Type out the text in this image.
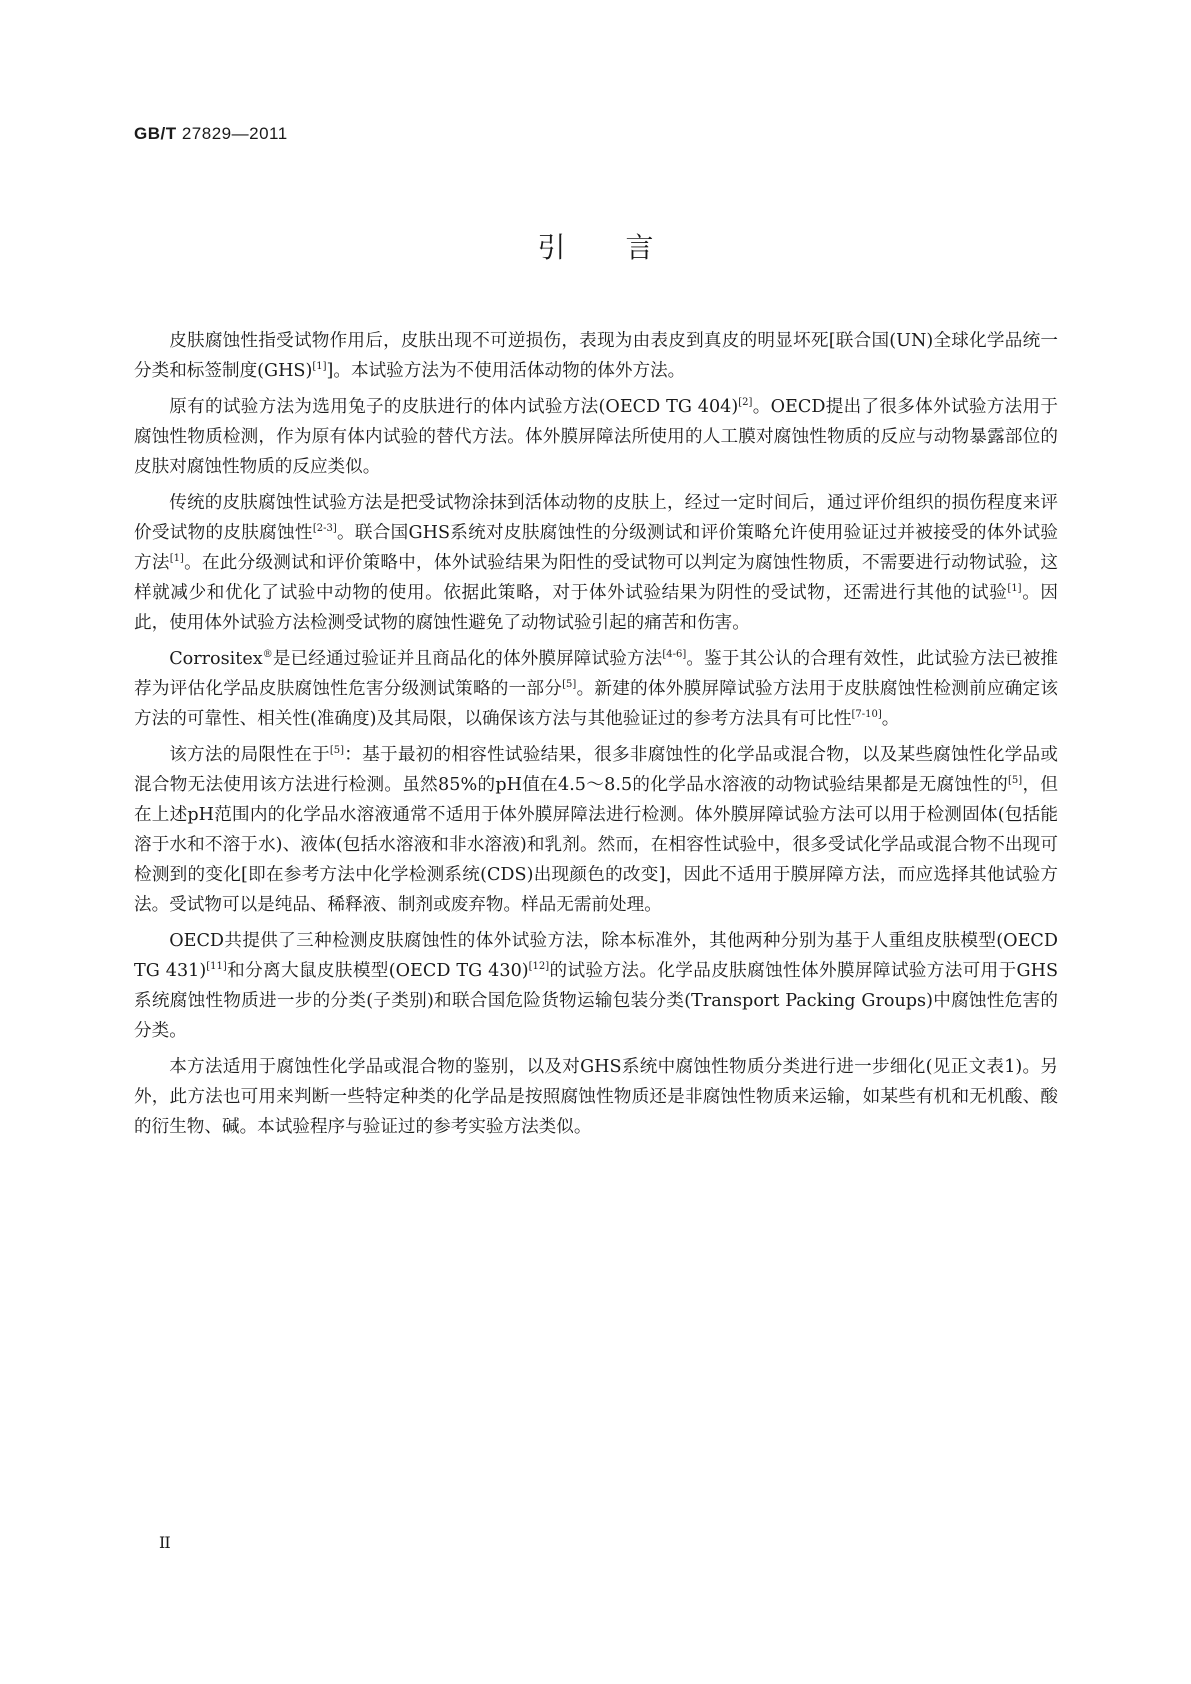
GB/T 27829—2011
引言

皮肤腐蚀性指受试物作用后，皮肤出现不可逆损伤，表现为由表皮到真皮的明显坏死[联合国(UN)全球化学品统一分类和标签制度(GHS)[1]]。本试验方法为不使用活体动物的体外方法。

原有的试验方法为选用兔子的皮肤进行的体内试验方法(OECD TG 404)[2]。OECD提出了很多体外试验方法用于腐蚀性物质检测，作为原有体内试验的替代方法。体外膜屏障法所使用的人工膜对腐蚀性物质的反应与动物暴露部位的皮肤对腐蚀性物质的反应类似。

传统的皮肤腐蚀性试验方法是把受试物涂抹到活体动物的皮肤上，经过一定时间后，通过评价组织的损伤程度来评价受试物的皮肤腐蚀性[2-3]。联合国GHS系统对皮肤腐蚀性的分级测试和评价策略允许使用验证过并被接受的体外试验方法[1]。在此分级测试和评价策略中，体外试验结果为阳性的受试物可以判定为腐蚀性物质，不需要进行动物试验，这样就减少和优化了试验中动物的使用。依据此策略，对于体外试验结果为阴性的受试物，还需进行其他的试验[1]。因此，使用体外试验方法检测受试物的腐蚀性避免了动物试验引起的痛苦和伤害。

Corrositex®是已经通过验证并且商品化的体外膜屏障试验方法[4-6]。鉴于其公认的合理有效性，此试验方法已被推荐为评估化学品皮肤腐蚀性危害分级测试策略的一部分[5]。新建的体外膜屏障试验方法用于皮肤腐蚀性检测前应确定该方法的可靠性、相关性(准确度)及其局限，以确保该方法与其他验证过的参考方法具有可比性[7-10]。

该方法的局限性在于[5]：基于最初的相容性试验结果，很多非腐蚀性的化学品或混合物，以及某些腐蚀性化学品或混合物无法使用该方法进行检测。虽然85%的pH值在4.5～8.5的化学品水溶液的动物试验结果都是无腐蚀性的[5]，但在上述pH范围内的化学品水溶液通常不适用于体外膜屏障法进行检测。体外膜屏障试验方法可以用于检测固体(包括能溶于水和不溶于水)、液体(包括水溶液和非水溶液)和乳剂。然而，在相容性试验中，很多受试化学品或混合物不出现可检测到的变化[即在参考方法中化学检测系统(CDS)出现颜色的改变]，因此不适用于膜屏障方法，而应选择其他试验方法。受试物可以是纯品、稀释液、制剂或废弃物。样品无需前处理。

OECD共提供了三种检测皮肤腐蚀性的体外试验方法，除本标准外，其他两种分别为基于人重组皮肤模型(OECD TG 431)[11]和分离大鼠皮肤模型(OECD TG 430)[12]的试验方法。化学品皮肤腐蚀性体外膜屏障试验方法可用于GHS系统腐蚀性物质进一步的分类(子类别)和联合国危险货物运输包装分类(Transport Packing Groups)中腐蚀性危害的分类。

本方法适用于腐蚀性化学品或混合物的鉴别，以及对GHS系统中腐蚀性物质分类进行进一步细化(见正文表1)。另外，此方法也可用来判断一些特定种类的化学品是按照腐蚀性物质还是非腐蚀性物质来运输，如某些有机和无机酸、酸的衍生物、碱。本试验程序与验证过的参考实验方法类似。

II
